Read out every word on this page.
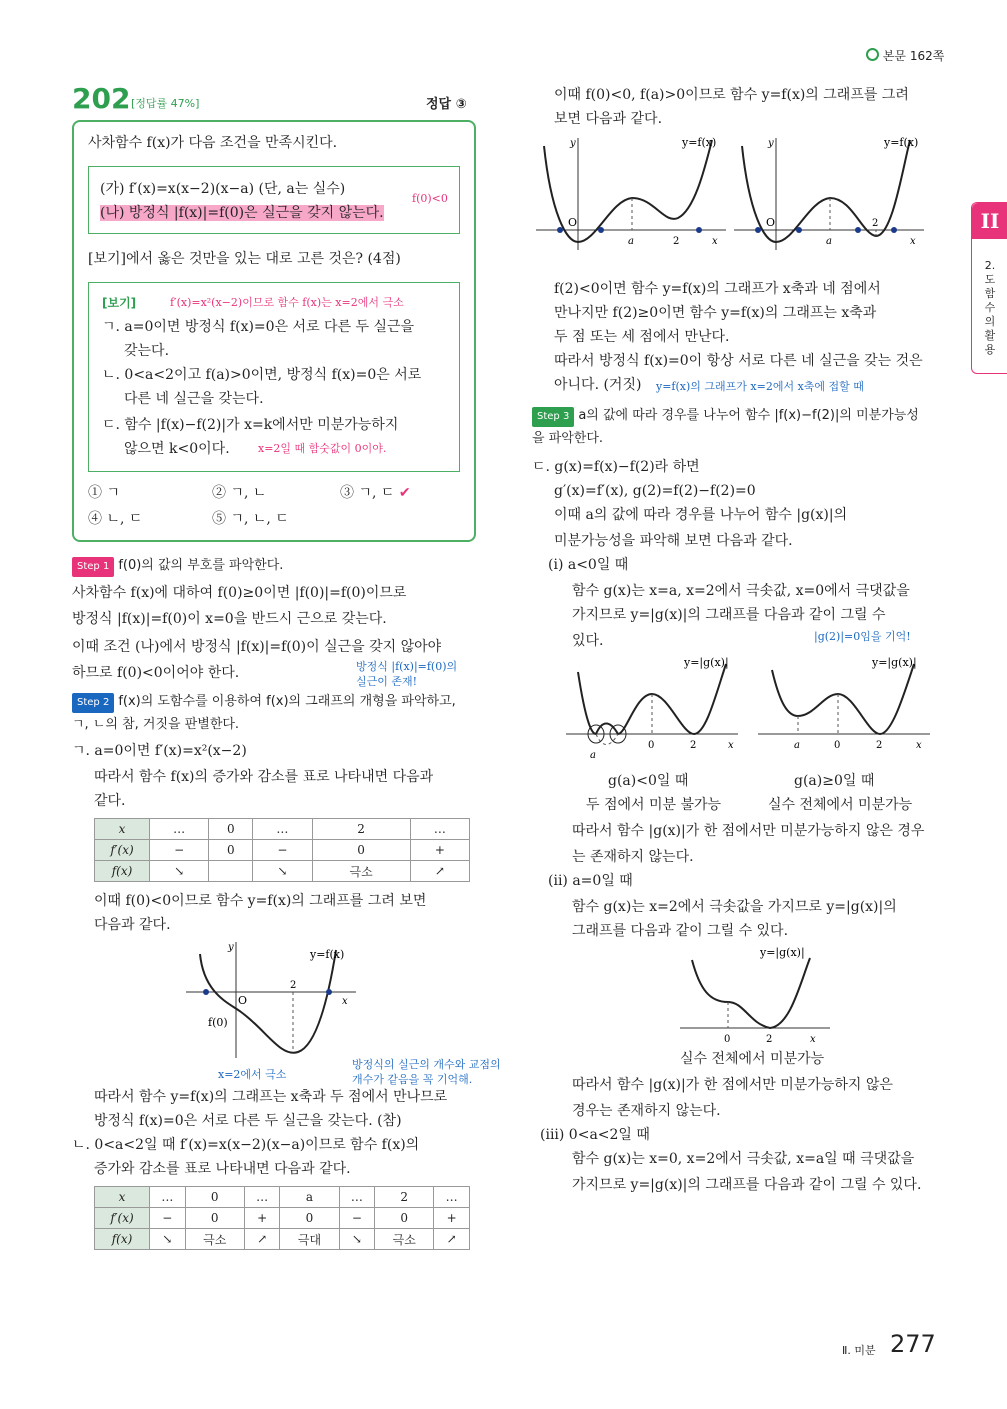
본문 162쪽
202 [정답률 47%]	정답 ③
사차함수 f(x)가 다음 조건을 만족시킨다.
(가) f′(x)=x(x−2)(x−a) (단, a는 실수)
(나) 방정식 |f(x)|=f(0)은 실근을 갖지 않는다.
f(0)<0
[보기]에서 옳은 것만을 있는 대로 고른 것은? (4점)
[보기]	f′(x)=x²(x−2)이므로 함수 f(x)는 x=2에서 극소
ㄱ. a=0이면 방정식 f(x)=0은 서로 다른 두 실근을
갖는다.
ㄴ. 0<a<2이고 f(a)>0이면, 방정식 f(x)=0은 서로
다른 네 실근을 갖는다.
ㄷ. 함수 |f(x)−f(2)|가 x=k에서만 미분가능하지
않으면 k<0이다.	x=2일 때 함숫값이 0이야.
① ㄱ	② ㄱ, ㄴ	③ ㄱ, ㄷ ✔
④ ㄴ, ㄷ	⑤ ㄱ, ㄴ, ㄷ
Step 1 f(0)의 값의 부호를 파악한다.
사차함수 f(x)에 대하여 f(0)≥0이면 |f(0)|=f(0)이므로
방정식 |f(x)|=f(0)이 x=0을 반드시 근으로 갖는다.
이때 조건 (나)에서 방정식 |f(x)|=f(0)이 실근을 갖지 않아야
하므로 f(0)<0이어야 한다.	방정식 |f(x)|=f(0)의
실근이 존재!
Step 2 f(x)의 도함수를 이용하여 f(x)의 그래프의 개형을 파악하고,
ㄱ, ㄴ의 참, 거짓을 판별한다.
ㄱ. a=0이면 f′(x)=x²(x−2)
따라서 함수 f(x)의 증가와 감소를 표로 나타내면 다음과
같다.
x	…	0	…	2	…
f′(x)	−	0	−	0	+
f(x)	↘		↘	극소	↗
이때 f(0)<0이므로 함수 y=f(x)의 그래프를 그려 보면
다음과 같다.
y
y=f(x)
O
2
x
f(0)
x=2에서 극소
방정식의 실근의 개수와 교점의
개수가 같음을 꼭 기억해.
따라서 함수 y=f(x)의 그래프는 x축과 두 점에서 만나므로
방정식 f(x)=0은 서로 다른 두 실근을 갖는다. (참)
ㄴ. 0<a<2일 때 f′(x)=x(x−2)(x−a)이므로 함수 f(x)의
증가와 감소를 표로 나타내면 다음과 같다.
x	…	0	…	a	…	2	…
f′(x)	−	0	+	0	−	0	+
f(x)	↘	극소	↗	극대	↘	극소	↗
이때 f(0)<0, f(a)>0이므로 함수 y=f(x)의 그래프를 그려
보면 다음과 같다.
y	y=f(x)
O
a	2	x
y	y=f(x)
O
a
2
x
f(2)<0이면 함수 y=f(x)의 그래프가 x축과 네 점에서
만나지만 f(2)≥0이면 함수 y=f(x)의 그래프는 x축과
두 점 또는 세 점에서 만난다.
따라서 방정식 f(x)=0이 항상 서로 다른 네 실근을 갖는 것은
아니다. (거짓) y=f(x)의 그래프가 x=2에서 x축에 접할 때
Step 3 a의 값에 따라 경우를 나누어 함수 |f(x)−f(2)|의 미분가능성
을 파악한다.
ㄷ. g(x)=f(x)−f(2)라 하면
g′(x)=f′(x), g(2)=f(2)−f(2)=0
이때 a의 값에 따라 경우를 나누어 함수 |g(x)|의
미분가능성을 파악해 보면 다음과 같다.
(i) a<0일 때
함수 g(x)는 x=a, x=2에서 극솟값, x=0에서 극댓값을
가지므로 y=|g(x)|의 그래프를 다음과 같이 그릴 수
있다.	|g(2)|=0임을 기억!
y=|g(x)|
a
0	2	x
y=|g(x)|
a	0	2	x
g(a)<0일 때
두 점에서 미분 불가능
g(a)≥0일 때
실수 전체에서 미분가능
따라서 함수 |g(x)|가 한 점에서만 미분가능하지 않은 경우
는 존재하지 않는다.
(ii) a=0일 때
함수 g(x)는 x=2에서 극솟값을 가지므로 y=|g(x)|의
그래프를 다음과 같이 그릴 수 있다.
y=|g(x)|
0	2	x
실수 전체에서 미분가능
따라서 함수 |g(x)|가 한 점에서만 미분가능하지 않은
경우는 존재하지 않는다.
(iii) 0<a<2일 때
함수 g(x)는 x=0, x=2에서 극솟값, x=a일 때 극댓값을
가지므로 y=|g(x)|의 그래프를 다음과 같이 그릴 수 있다.
II
2.도함수의활용
Ⅱ. 미분 277
